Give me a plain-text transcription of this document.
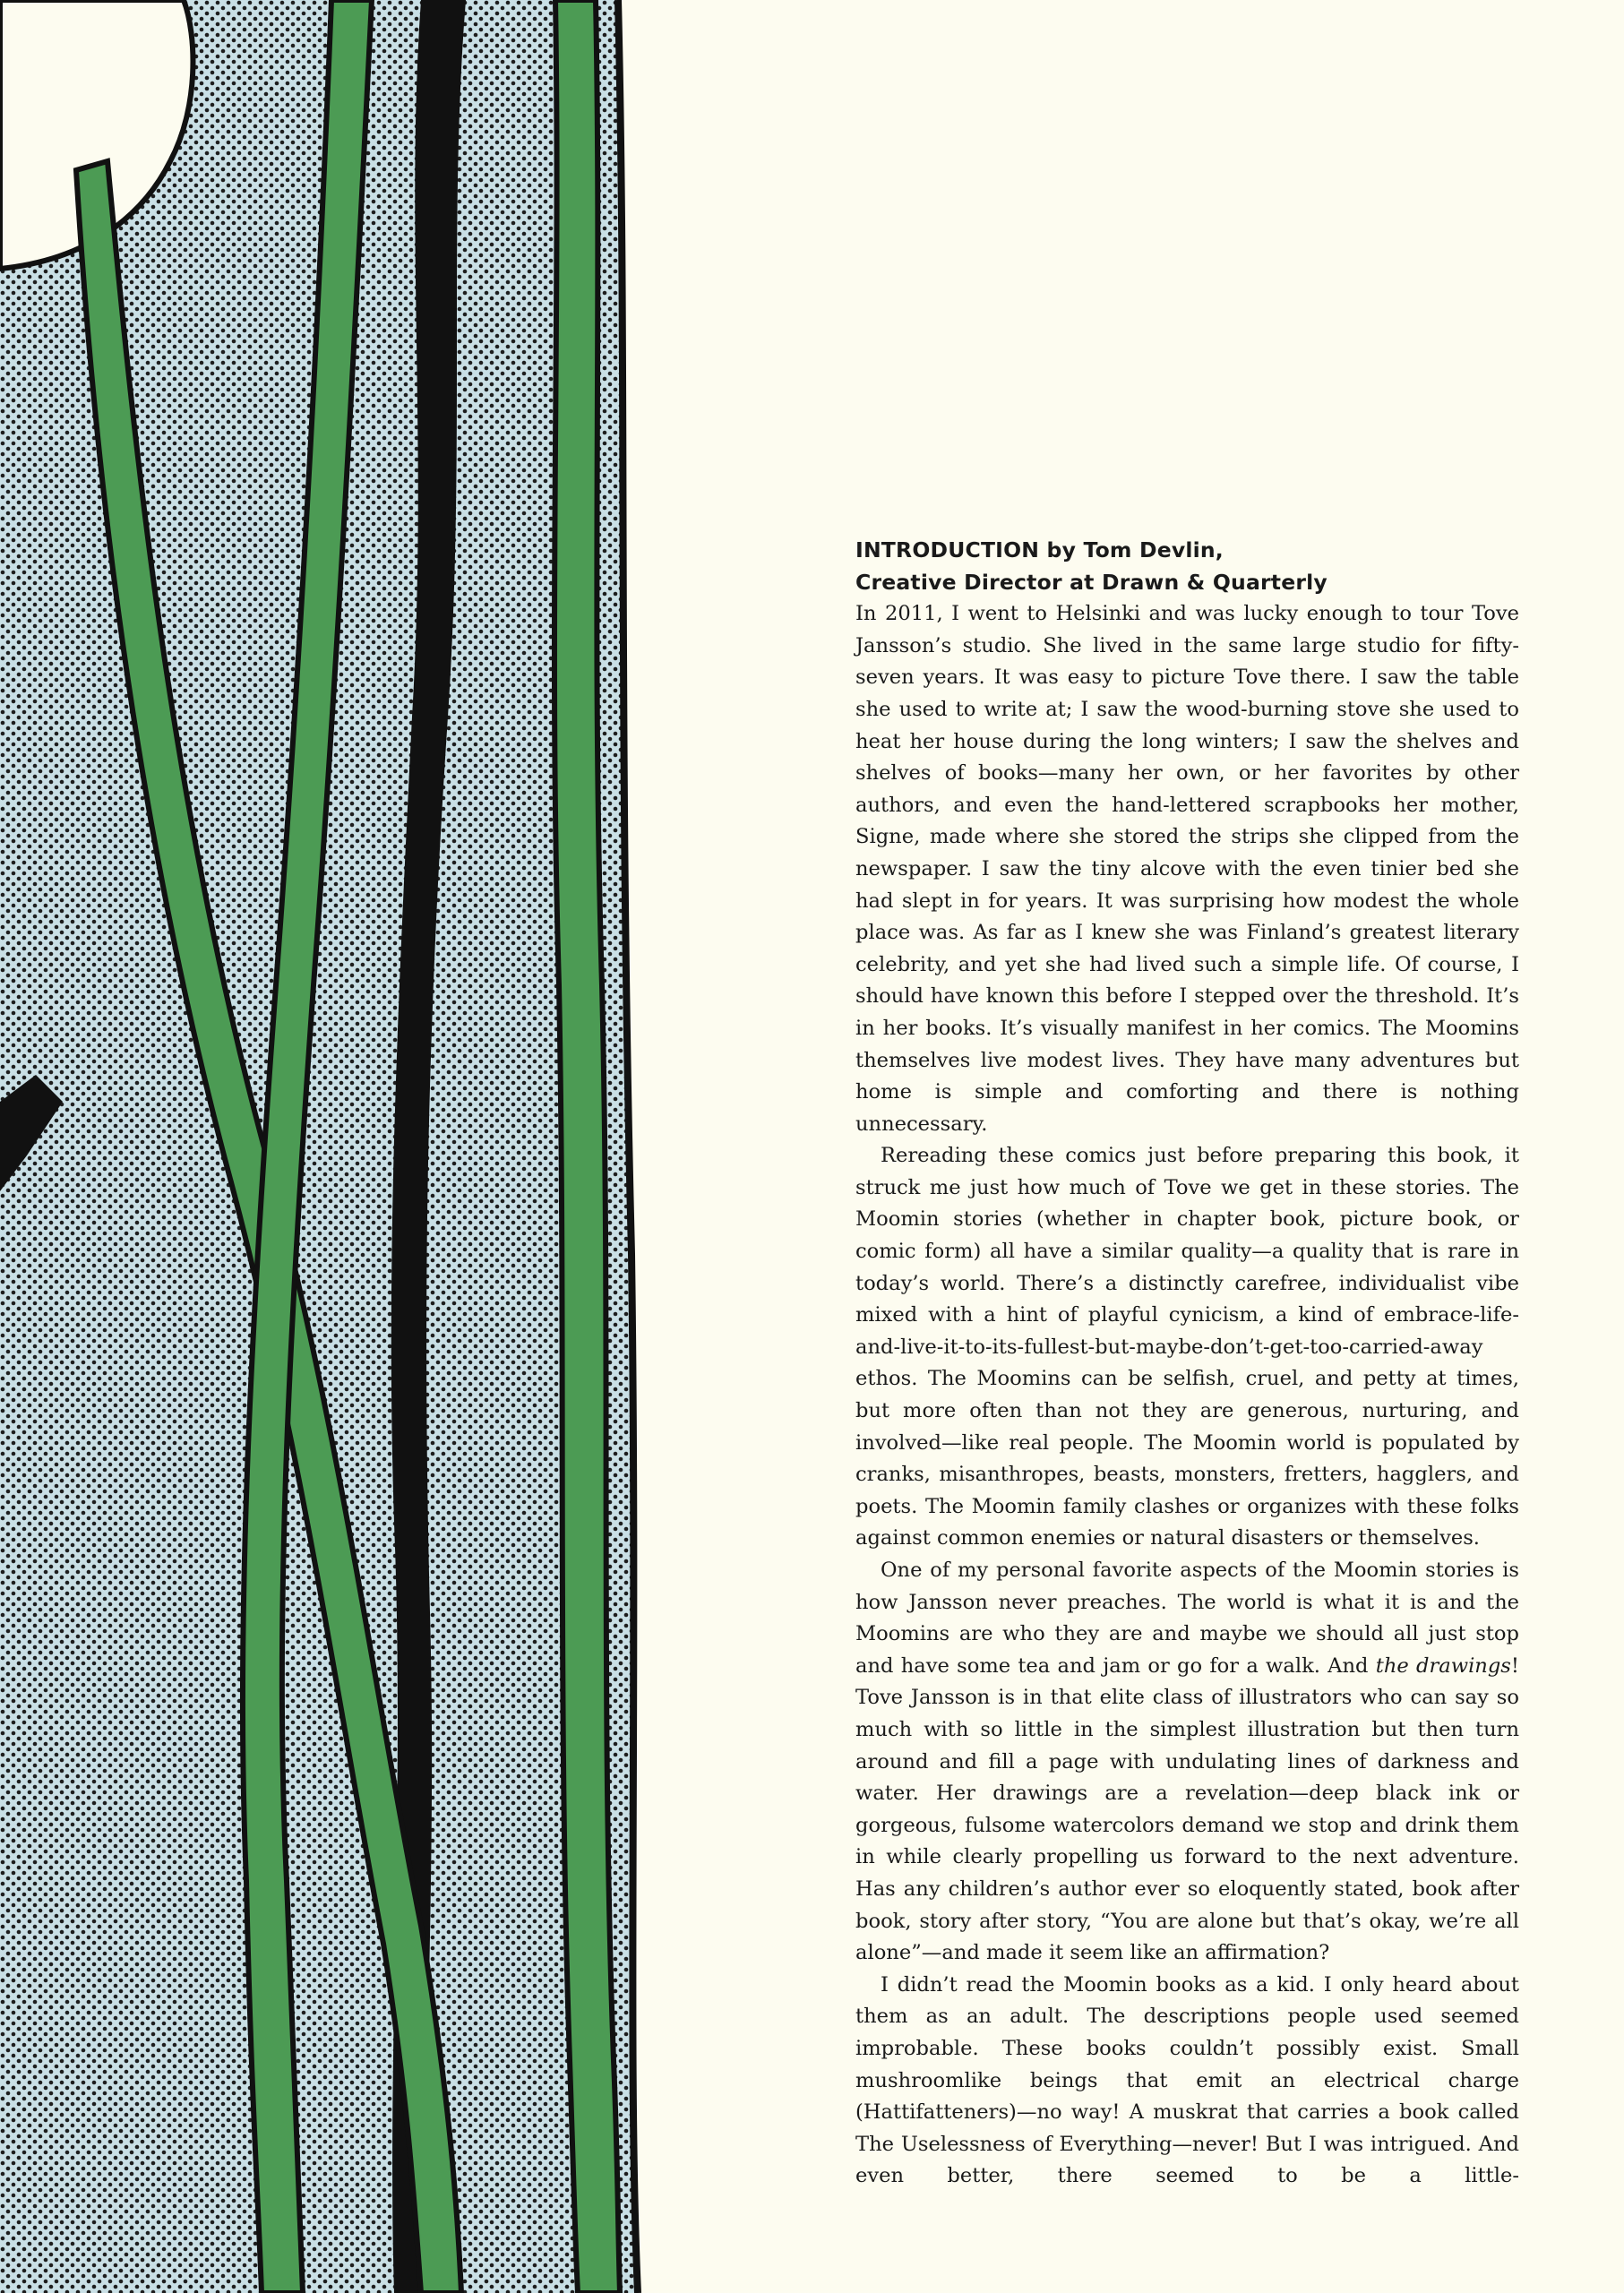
INTRODUCTION by Tom Devlin,
Creative Director at Drawn & Quarterly

In 2011, I went to Helsinki and was lucky enough to tour Tove Jansson’s studio. She lived in the same large studio for fifty-seven years. It was easy to picture Tove there. I saw the table she used to write at; I saw the wood-burning stove she used to heat her house during the long winters; I saw the shelves and shelves of books—many her own, or her favorites by other authors, and even the hand-lettered scrapbooks her mother, Signe, made where she stored the strips she clipped from the newspaper. I saw the tiny alcove with the even tinier bed she had slept in for years. It was surprising how modest the whole place was. As far as I knew she was Finland’s greatest literary celebrity, and yet she had lived such a simple life. Of course, I should have known this before I stepped over the threshold. It’s in her books. It’s visually manifest in her comics. The Moomins themselves live modest lives. They have many adventures but home is simple and comforting and there is nothing unnecessary.

Rereading these comics just before preparing this book, it struck me just how much of Tove we get in these stories. The Moomin stories (whether in chapter book, picture book, or comic form) all have a similar quality—a quality that is rare in today’s world. There’s a distinctly carefree, individualist vibe mixed with a hint of playful cynicism, a kind of embrace-life-and-live-it-to-its-fullest-but-maybe-don’t-get-too-carried-away ethos. The Moomins can be selfish, cruel, and petty at times, but more often than not they are generous, nurturing, and involved—like real people. The Moomin world is populated by cranks, misanthropes, beasts, monsters, fretters, hagglers, and poets. The Moomin family clashes or organizes with these folks against common enemies or natural disasters or themselves.

One of my personal favorite aspects of the Moomin stories is how Jansson never preaches. The world is what it is and the Moomins are who they are and maybe we should all just stop and have some tea and jam or go for a walk. And the drawings! Tove Jansson is in that elite class of illustrators who can say so much with so little in the simplest illustration but then turn around and fill a page with undulating lines of darkness and water. Her drawings are a revelation—deep black ink or gorgeous, fulsome watercolors demand we stop and drink them in while clearly propelling us forward to the next adventure. Has any children’s author ever so eloquently stated, book after book, story after story, “You are alone but that’s okay, we’re all alone”—and made it seem like an affirmation?

I didn’t read the Moomin books as a kid. I only heard about them as an adult. The descriptions people used seemed improbable. These books couldn’t possibly exist. Small mushroomlike beings that emit an electrical charge (Hattifatteners)—no way! A muskrat that carries a book called The Uselessness of Everything—never! But I was intrigued. And even better, there seemed to be a little-
